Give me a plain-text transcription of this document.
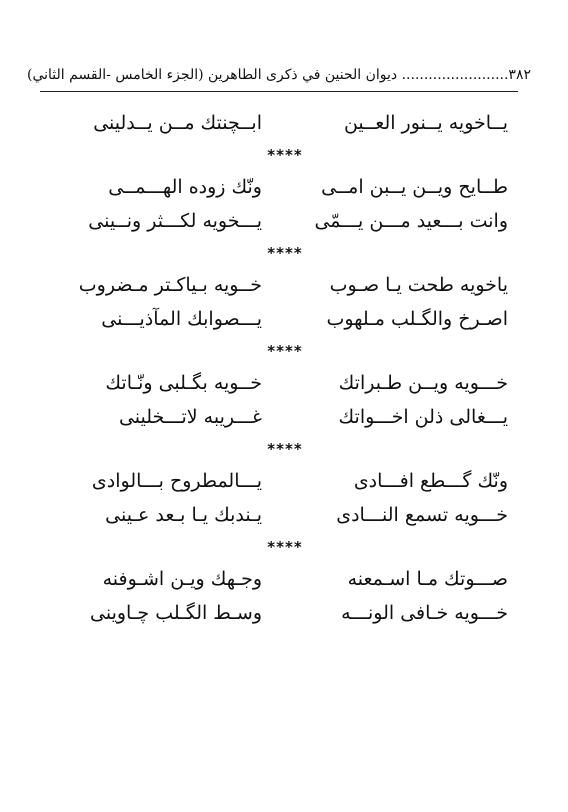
۳۸۲........................ ديوان الحنين في ذكرى الطاهرين (الجزء الخامس -القسم الثاني)
يــاخويه يــنور العــين
ابــچنتك مــن يــدلينى
****
طــايح ويــن يــبن امــى
ونّك زوده الهـــمــى
وانت بـــعيد مـــن يـــمّى
يـــخويه لكـــثر ونــينى
****
ياخويه طحت يـا صـوب
خــويه بـياكـتر مـضروب
اصـرخ والگـلب مـلهوب
يـــصوابك المآذيـــنى
****
خـــويه ويــن طـبراتك
خــويه بگـلبى ونّـاتك
يـــغالى ذلن اخـــواتك
غـــريبه لاتـــخلينى
****
ونّك گـــطع افـــادى
يـــالمطروح بـــالوادى
خـــويه تسمع النـــادى
يـندبك يـا بـعد عـينى
****
صـــوتك مـا اسـمعنه
وجـهك ويـن اشـوفنه
خـــويه خـافى الونـــه
وسـط الگـلب چـاوينى
